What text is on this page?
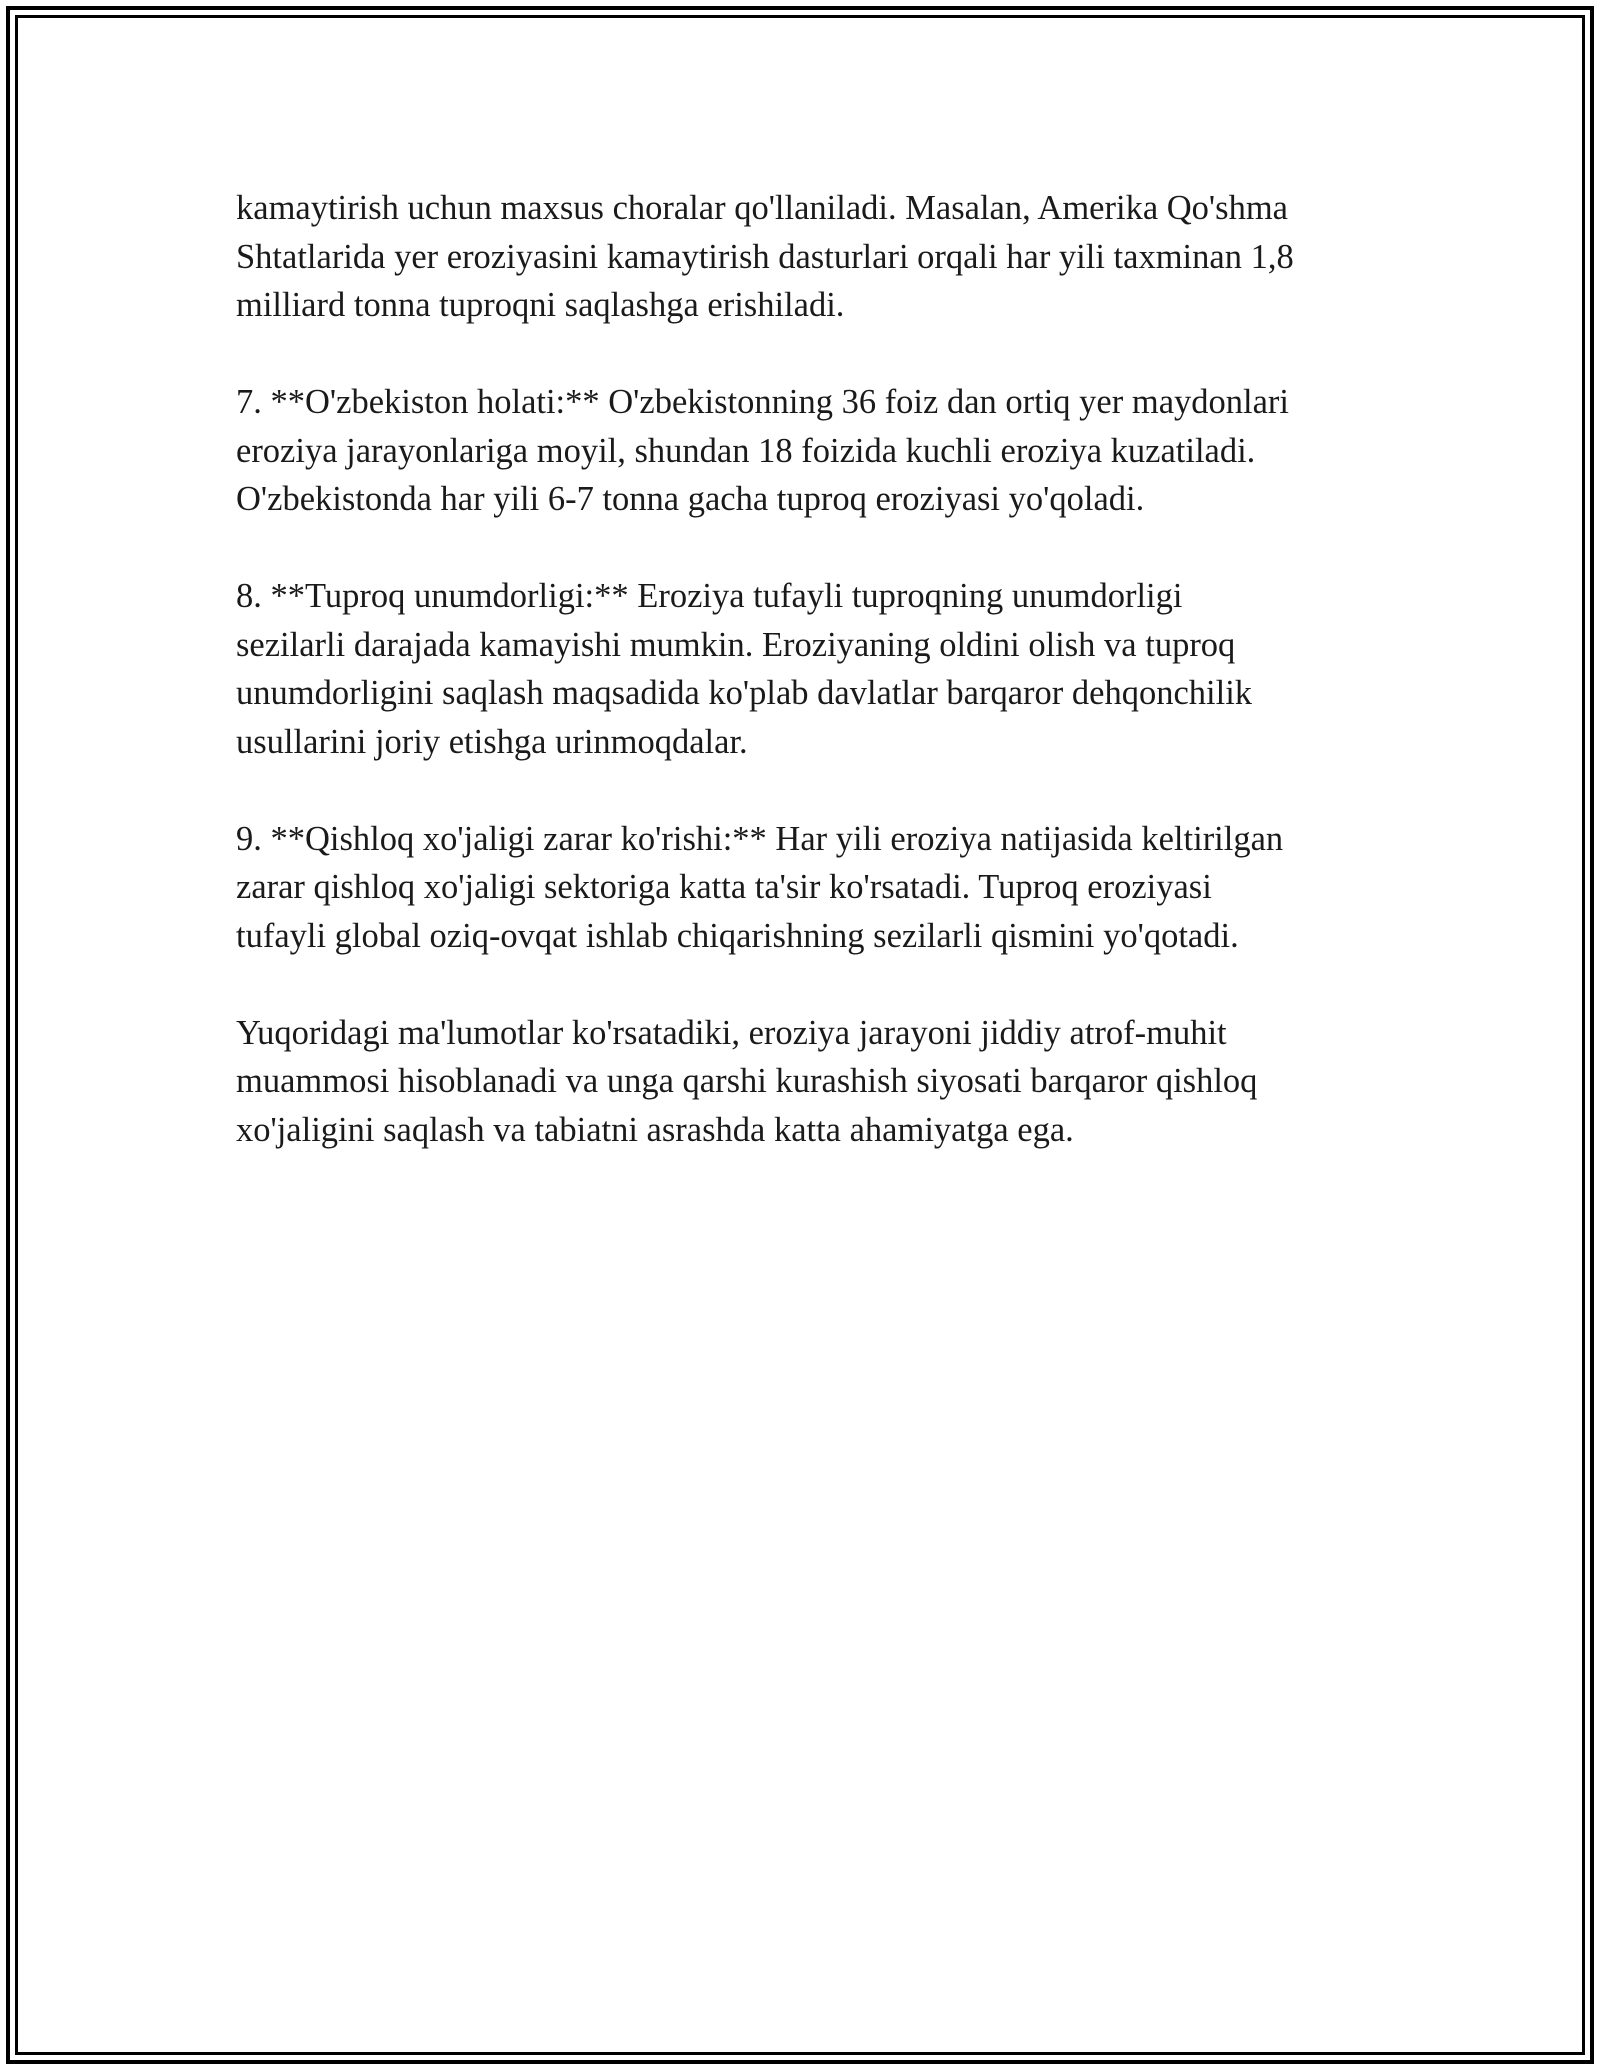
kamaytirish uchun maxsus choralar qo'llaniladi. Masalan, Amerika Qo'shma
Shtatlarida yer eroziyasini kamaytirish dasturlari orqali har yili taxminan 1,8
milliard tonna tuproqni saqlashga erishiladi.

7. **O'zbekiston holati:** O'zbekistonning 36 foiz dan ortiq yer maydonlari
eroziya jarayonlariga moyil, shundan 18 foizida kuchli eroziya kuzatiladi.
O'zbekistonda har yili 6-7 tonna gacha tuproq eroziyasi yo'qoladi.

8. **Tuproq unumdorligi:** Eroziya tufayli tuproqning unumdorligi
sezilarli darajada kamayishi mumkin. Eroziyaning oldini olish va tuproq
unumdorligini saqlash maqsadida ko'plab davlatlar barqaror dehqonchilik
usullarini joriy etishga urinmoqdalar.

9. **Qishloq xo'jaligi zarar ko'rishi:** Har yili eroziya natijasida keltirilgan
zarar qishloq xo'jaligi sektoriga katta ta'sir ko'rsatadi. Tuproq eroziyasi
tufayli global oziq-ovqat ishlab chiqarishning sezilarli qismini yo'qotadi.

Yuqoridagi ma'lumotlar ko'rsatadiki, eroziya jarayoni jiddiy atrof-muhit
muammosi hisoblanadi va unga qarshi kurashish siyosati barqaror qishloq
xo'jaligini saqlash va tabiatni asrashda katta ahamiyatga ega.
